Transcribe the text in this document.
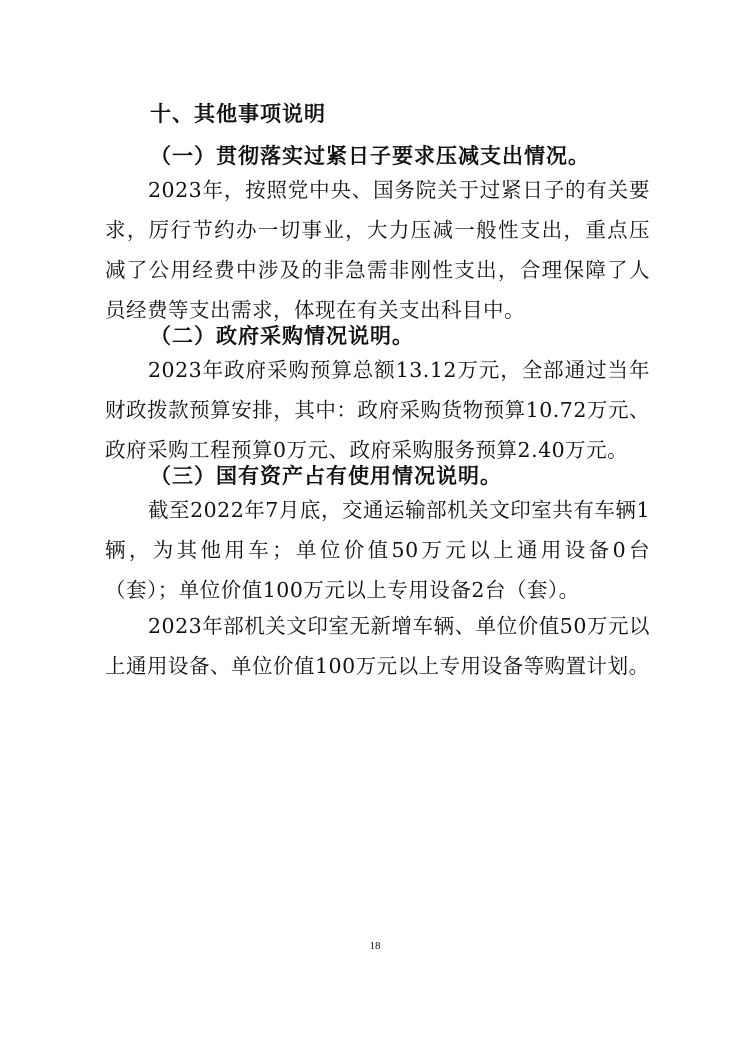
十、其他事项说明
（一）贯彻落实过紧日子要求压减支出情况。
2023年，按照党中央、国务院关于过紧日子的有关要求，厉行节约办一切事业，大力压减一般性支出，重点压减了公用经费中涉及的非急需非刚性支出，合理保障了人员经费等支出需求，体现在有关支出科目中。
（二）政府采购情况说明。
2023年政府采购预算总额13.12万元，全部通过当年财政拨款预算安排，其中：政府采购货物预算10.72万元、政府采购工程预算0万元、政府采购服务预算2.40万元。
（三）国有资产占有使用情况说明。
截至2022年7月底，交通运输部机关文印室共有车辆1辆，为其他用车；单位价值50万元以上通用设备0台（套）；单位价值100万元以上专用设备2台（套）。
2023年部机关文印室无新增车辆、单位价值50万元以上通用设备、单位价值100万元以上专用设备等购置计划。
18
